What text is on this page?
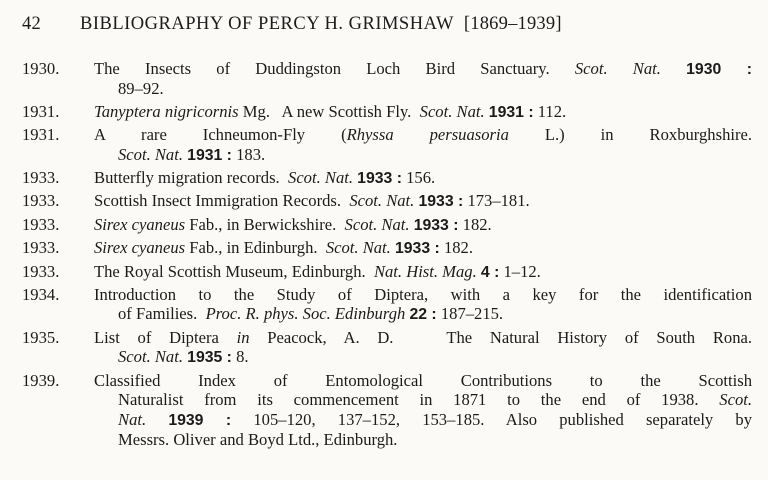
42 BIBLIOGRAPHY OF PERCY H. GRIMSHAW [1869–1939]
1930.	The Insects of Duddingston Loch Bird Sanctuary. Scot. Nat. 1930 :
89–92.
1931.	Tanyptera nigricornis Mg.   A new Scottish Fly. Scot. Nat. 1931 : 112.
1931.	A rare Ichneumon-Fly (Rhyssa persuasoria L.) in Roxburghshire.
Scot. Nat. 1931 : 183.
1933.	Butterfly migration records. Scot. Nat. 1933 : 156.
1933.	Scottish Insect Immigration Records. Scot. Nat. 1933 : 173–181.
1933.	Sirex cyaneus Fab., in Berwickshire. Scot. Nat. 1933 : 182.
1933.	Sirex cyaneus Fab., in Edinburgh. Scot. Nat. 1933 : 182.
1933.	The Royal Scottish Museum, Edinburgh. Nat. Hist. Mag. 4 : 1–12.
1934.	Introduction to the Study of Diptera, with a key for the identification
of Families. Proc. R. phys. Soc. Edinburgh 22 : 187–215.
1935.	List of Diptera in Peacock, A. D.   The Natural History of South Rona.
Scot. Nat. 1935 : 8.
1939.	Classified Index of Entomological Contributions to the Scottish
Naturalist from its commencement in 1871 to the end of 1938. Scot.
Nat. 1939 : 105–120, 137–152, 153–185. Also published separately by
Messrs. Oliver and Boyd Ltd., Edinburgh.
